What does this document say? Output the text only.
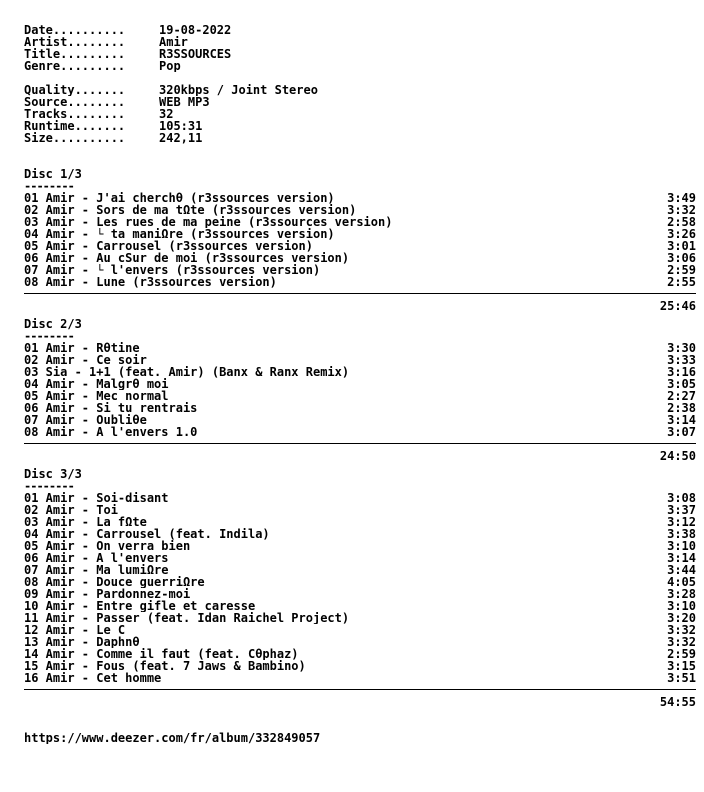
Date..........	19-08-2022
Artist........	Amir
Title.........	R3SSOURCES
Genre.........	Pop
Quality.......	320kbps / Joint Stereo
Source........	WEB MP3
Tracks........	32
Runtime.......	105:31
Size..........	242,11
Disc 1/3
--------
01 Amir - J'ai cherchθ (r3ssources version)	3:49
02 Amir - Sors de ma tΩte (r3ssources version)	3:32
03 Amir - Les rues de ma peine (r3ssources version)	2:58
04 Amir - └ ta maniΩre (r3ssources version)	3:26
05 Amir - Carrousel (r3ssources version)	3:01
06 Amir - Au cSur de moi (r3ssources version)	3:06
07 Amir - └ l'envers (r3ssources version)	2:59
08 Amir - Lune (r3ssources version)	2:55
25:46
Disc 2/3
--------
01 Amir - Rθtine	3:30
02 Amir - Ce soir	3:33
03 Sia - 1+1 (feat. Amir) (Banx & Ranx Remix)	3:16
04 Amir - Malgrθ moi	3:05
05 Amir - Mec normal	2:27
06 Amir - Si tu rentrais	2:38
07 Amir - Oubliθe	3:14
08 Amir - A l'envers 1.0	3:07
24:50
Disc 3/3
--------
01 Amir - Soi-disant	3:08
02 Amir - Toi	3:37
03 Amir - La fΩte	3:12
04 Amir - Carrousel (feat. Indila)	3:38
05 Amir - On verra bien	3:10
06 Amir - A l'envers	3:14
07 Amir - Ma lumiΩre	3:44
08 Amir - Douce guerriΩre	4:05
09 Amir - Pardonnez-moi	3:28
10 Amir - Entre gifle et caresse	3:10
11 Amir - Passer (feat. Idan Raichel Project)	3:20
12 Amir - Le C	3:32
13 Amir - Daphnθ	3:32
14 Amir - Comme il faut (feat. Cθphaz)	2:59
15 Amir - Fous (feat. 7 Jaws & Bambino)	3:15
16 Amir - Cet homme	3:51
54:55
https://www.deezer.com/fr/album/332849057
